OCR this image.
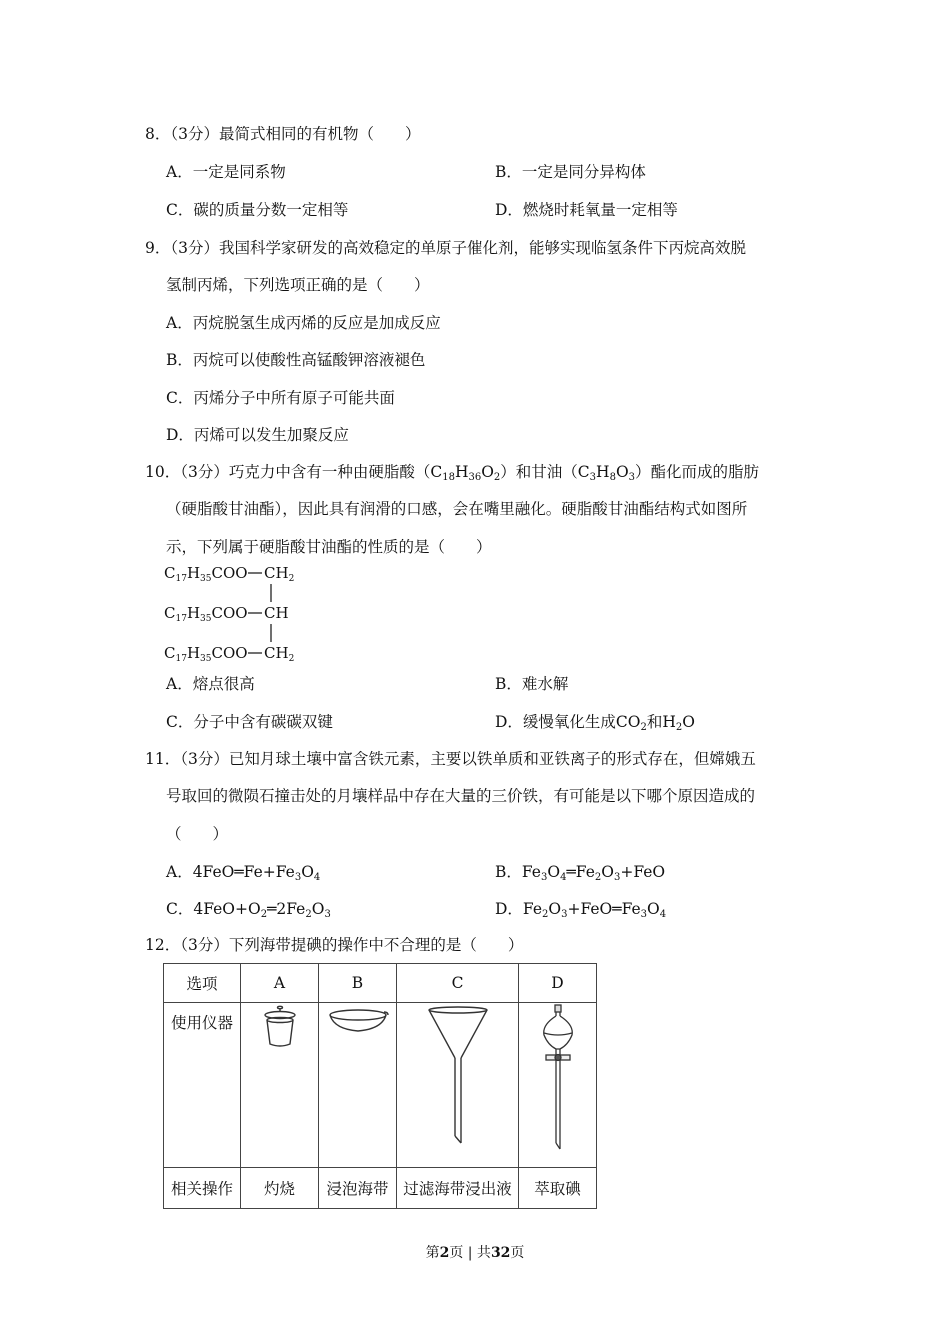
8．（3分）最简式相同的有机物（　　）
A．一定是同系物	B．一定是同分异构体
C．碳的质量分数一定相等	D．燃烧时耗氧量一定相等
9．（3分）我国科学家研发的高效稳定的单原子催化剂，能够实现临氢条件下丙烷高效脱
氢制丙烯，下列选项正确的是（　　）
A．丙烷脱氢生成丙烯的反应是加成反应
B．丙烷可以使酸性高锰酸钾溶液褪色
C．丙烯分子中所有原子可能共面
D．丙烯可以发生加聚反应
10．（3分）巧克力中含有一种由硬脂酸$(C_{18}H_{36}O_2)$和甘油$(C_3H_8O_3)$酯化而成的脂肪
（硬脂酸甘油酯），因此具有润滑的口感，会在嘴里融化。硬脂酸甘油酯结构式如图所
示，下列属于硬脂酸甘油酯的性质的是（　　）
$C_{17}H_{35}COO$ $CH_2$
$C_{17}H_{35}COO$ CH
$C_{17}H_{35}COO$ $CH_2$
A．熔点很高	B．难水解
C．分子中含有碳碳双键	D．缓慢氧化生成$CO_2$和$H_2O$
11．（3分）已知月球土壤中富含铁元素，主要以铁单质和亚铁离子的形式存在，但嫦娥五
号取回的微陨石撞击处的月壤样品中存在大量的三价铁，有可能是以下哪个原因造成的
（　　）
A．$4FeO═Fe+Fe_3O_4$	B．$Fe_3O_4═Fe_2O_3+FeO$
C．$4FeO+O_2═2Fe_2O_3$	D．$Fe_2O_3+FeO═Fe_3O_4$
12．（3分）下列海带提碘的操作中不合理的是（　　）
选项	A	B	C	D
使用仪器	

相关操作	灼烧	浸泡海带	过滤海带浸出液	萃取碘
第2页 | 共32页
